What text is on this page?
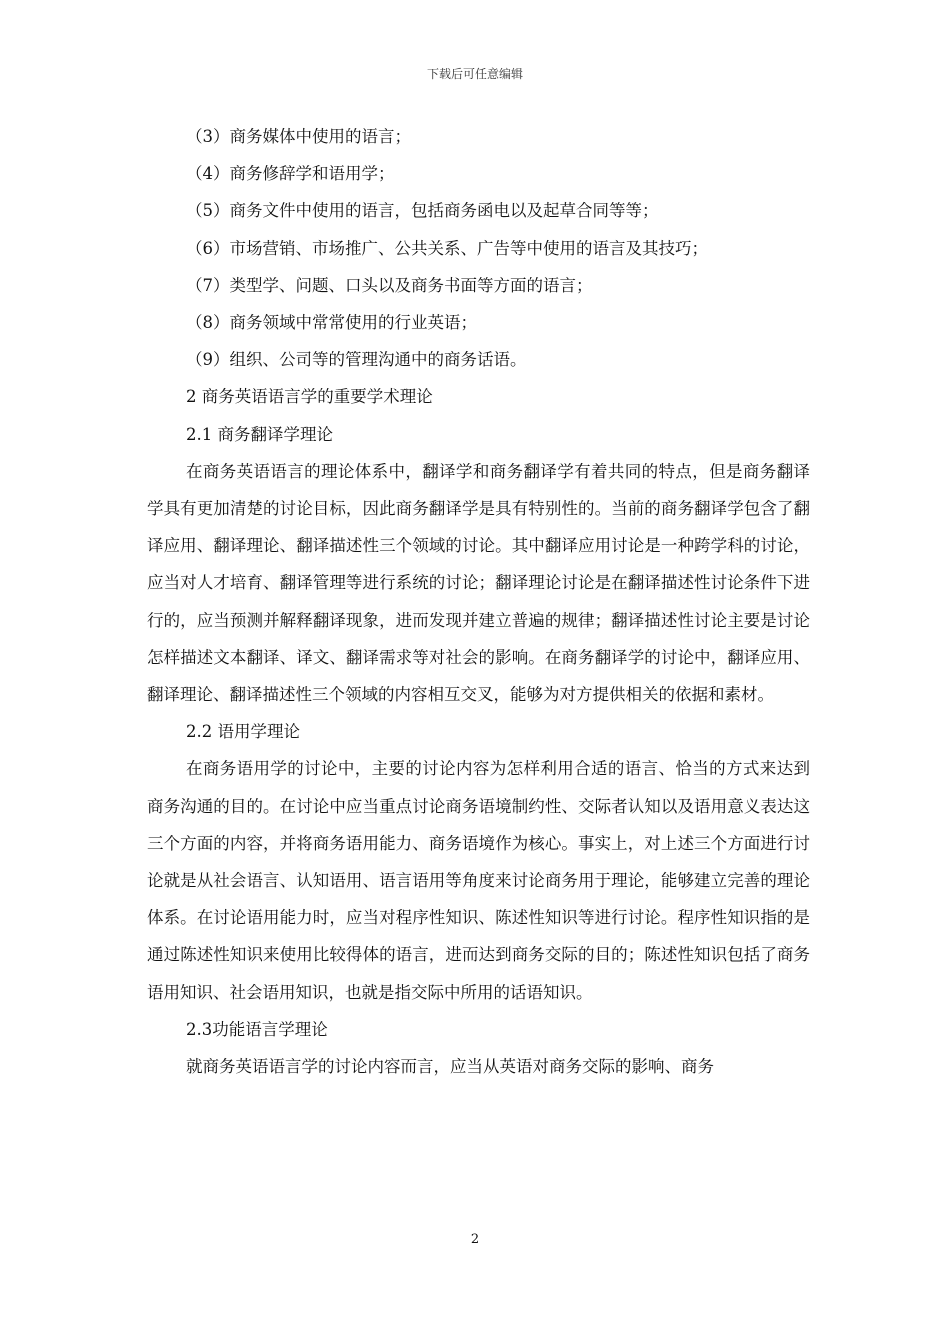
下载后可任意编辑

（3）商务媒体中使用的语言；

（4）商务修辞学和语用学；

（5）商务文件中使用的语言，包括商务函电以及起草合同等等；

（6）市场营销、市场推广、公共关系、广告等中使用的语言及其技巧；

（7）类型学、问题、口头以及商务书面等方面的语言；

（8）商务领域中常常使用的行业英语；

（9）组织、公司等的管理沟通中的商务话语。

2 商务英语语言学的重要学术理论

2.1 商务翻译学理论

在商务英语语言的理论体系中，翻译学和商务翻译学有着共同的特点，但是商务翻译学具有更加清楚的讨论目标，因此商务翻译学是具有特别性的。当前的商务翻译学包含了翻译应用、翻译理论、翻译描述性三个领域的讨论。其中翻译应用讨论是一种跨学科的讨论，应当对人才培育、翻译管理等进行系统的讨论；翻译理论讨论是在翻译描述性讨论条件下进行的，应当预测并解释翻译现象，进而发现并建立普遍的规律；翻译描述性讨论主要是讨论怎样描述文本翻译、译文、翻译需求等对社会的影响。在商务翻译学的讨论中，翻译应用、翻译理论、翻译描述性三个领域的内容相互交叉，能够为对方提供相关的依据和素材。

2.2 语用学理论

在商务语用学的讨论中，主要的讨论内容为怎样利用合适的语言、恰当的方式来达到商务沟通的目的。在讨论中应当重点讨论商务语境制约性、交际者认知以及语用意义表达这三个方面的内容，并将商务语用能力、商务语境作为核心。事实上，对上述三个方面进行讨论就是从社会语言、认知语用、语言语用等角度来讨论商务用于理论，能够建立完善的理论体系。在讨论语用能力时，应当对程序性知识、陈述性知识等进行讨论。程序性知识指的是通过陈述性知识来使用比较得体的语言，进而达到商务交际的目的；陈述性知识包括了商务语用知识、社会语用知识，也就是指交际中所用的话语知识。

2.3功能语言学理论

就商务英语语言学的讨论内容而言，应当从英语对商务交际的影响、商务

2
